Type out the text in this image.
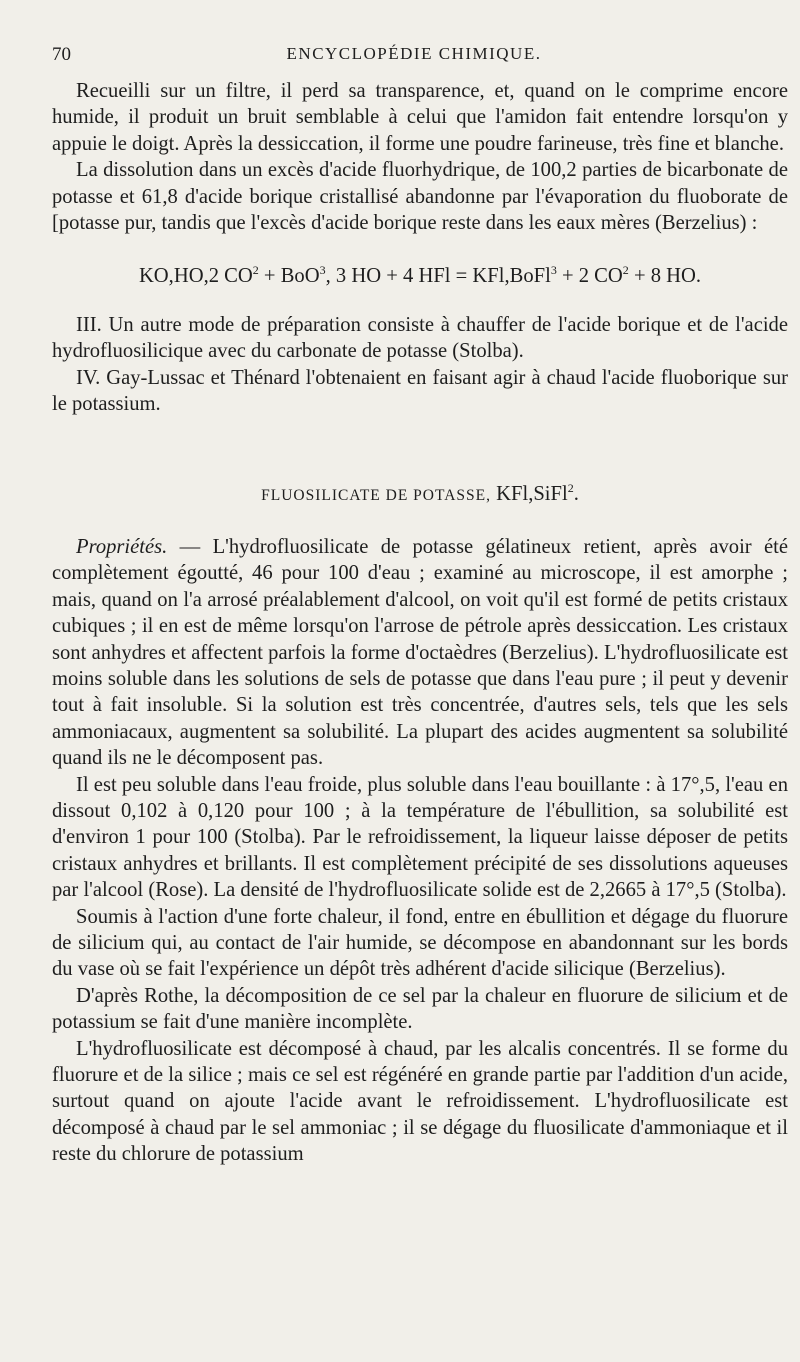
70	ENCYCLOPÉDIE CHIMIQUE.

Recueilli sur un filtre, il perd sa transparence, et, quand on le comprime encore humide, il produit un bruit semblable à celui que l'amidon fait entendre lorsqu'on y appuie le doigt. Après la dessiccation, il forme une poudre farineuse, très fine et blanche.

La dissolution dans un excès d'acide fluorhydrique, de 100,2 parties de bicarbonate de potasse et 61,8 d'acide borique cristallisé abandonne par l'évaporation du fluoborate de [potasse pur, tandis que l'excès d'acide borique reste dans les eaux mères (Berzelius) :

KO,HO,2 $CO^2 + BoO^3$, 3 HO + 4 HFl = KFl,BoFl$^3$ + 2 $CO^2 + 8$ HO.

III. Un autre mode de préparation consiste à chauffer de l'acide borique et de l'acide hydrofluosilicique avec du carbonate de potasse (Stolba).

IV. Gay-Lussac et Thénard l'obtenaient en faisant agir à chaud l'acide fluoborique sur le potassium.

FLUOSILICATE DE POTASSE, KFl,SiFl$^2$.

Propriétés. — L'hydrofluosilicate de potasse gélatineux retient, après avoir été complètement égoutté, 46 pour 100 d'eau ; examiné au microscope, il est amorphe ; mais, quand on l'a arrosé préalablement d'alcool, on voit qu'il est formé de petits cristaux cubiques ; il en est de même lorsqu'on l'arrose de pétrole après dessiccation. Les cristaux sont anhydres et affectent parfois la forme d'octaèdres (Berzelius). L'hydrofluosilicate est moins soluble dans les solutions de sels de potasse que dans l'eau pure ; il peut y devenir tout à fait insoluble. Si la solution est très concentrée, d'autres sels, tels que les sels ammoniacaux, augmentent sa solubilité. La plupart des acides augmentent sa solubilité quand ils ne le décomposent pas.

Il est peu soluble dans l'eau froide, plus soluble dans l'eau bouillante : à 17°,5, l'eau en dissout 0,102 à 0,120 pour 100 ; à la température de l'ébullition, sa solubilité est d'environ 1 pour 100 (Stolba). Par le refroidissement, la liqueur laisse déposer de petits cristaux anhydres et brillants. Il est complètement précipité de ses dissolutions aqueuses par l'alcool (Rose). La densité de l'hydrofluosilicate solide est de 2,2665 à 17°,5 (Stolba).

Soumis à l'action d'une forte chaleur, il fond, entre en ébullition et dégage du fluorure de silicium qui, au contact de l'air humide, se décompose en abandonnant sur les bords du vase où se fait l'expérience un dépôt très adhérent d'acide silicique (Berzelius).

D'après Rothe, la décomposition de ce sel par la chaleur en fluorure de silicium et de potassium se fait d'une manière incomplète.

L'hydrofluosilicate est décomposé à chaud, par les alcalis concentrés. Il se forme du fluorure et de la silice ; mais ce sel est régénéré en grande partie par l'addition d'un acide, surtout quand on ajoute l'acide avant le refroidissement. L'hydrofluosilicate est décomposé à chaud par le sel ammoniac ; il se dégage du fluosilicate d'ammoniaque et il reste du chlorure de potassium
